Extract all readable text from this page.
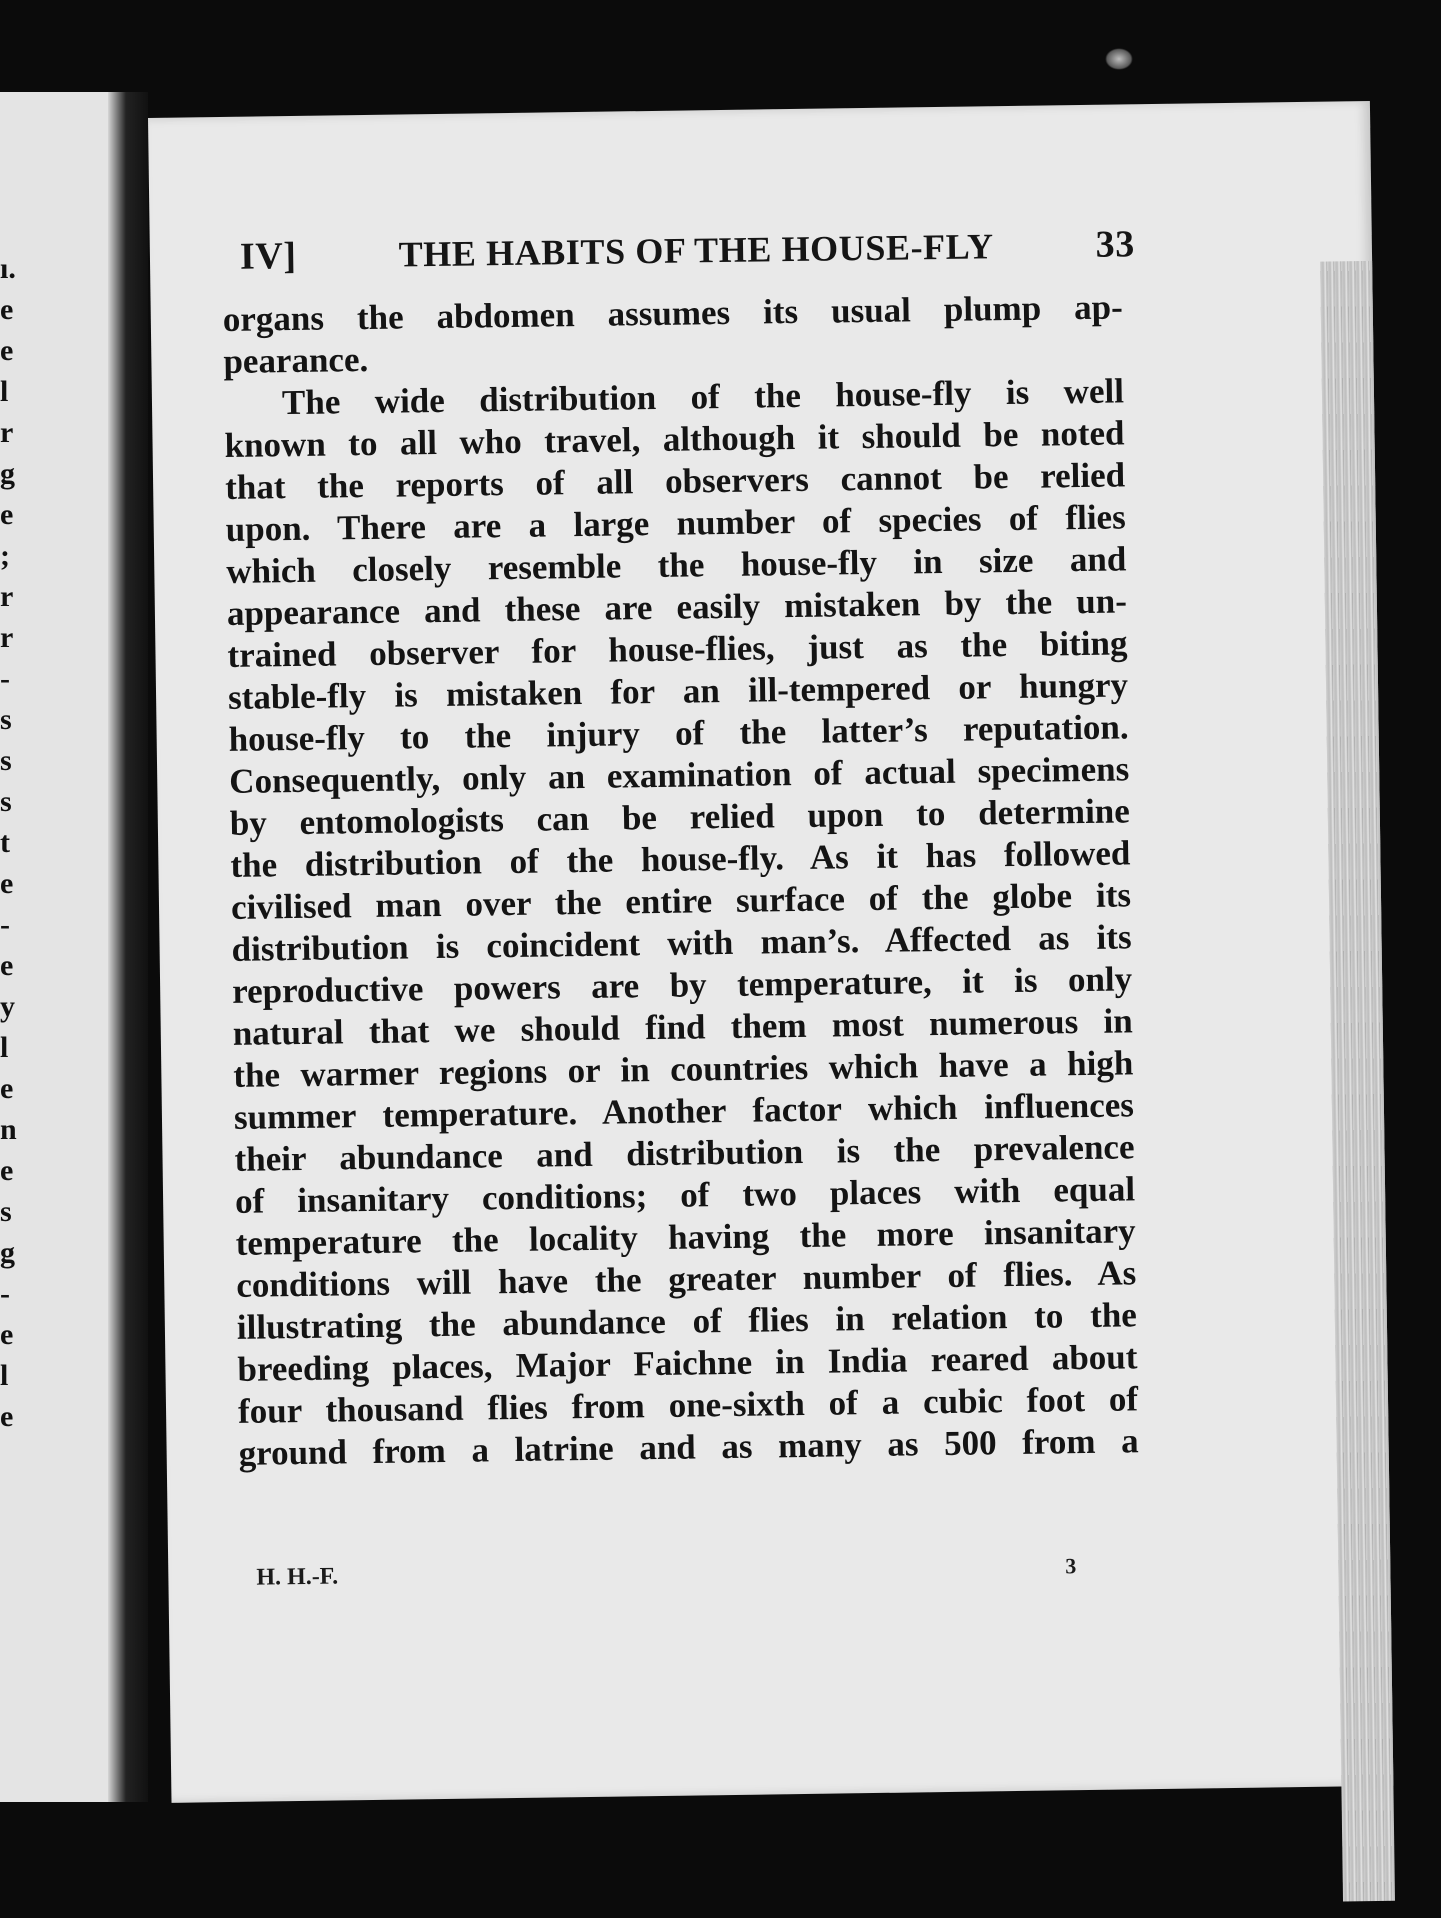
ı.
e
e
l
r
g
e
;
r
r
-
s
s
s
t
e
-
e
y
l
e
n
e
s
g
-
e
l
e
IV]	THE HABITS OF THE HOUSE-FLY	33

organs the abdomen assumes its usual plump ap-

pearance.

The wide distribution of the house-fly is well

known to all who travel, although it should be noted

that the reports of all observers cannot be relied

upon. There are a large number of species of flies

which closely resemble the house-fly in size and

appearance and these are easily mistaken by the un-

trained observer for house-flies, just as the biting

stable-fly is mistaken for an ill-tempered or hungry

house-fly to the injury of the latter’s reputation.

Consequently, only an examination of actual specimens

by entomologists can be relied upon to determine

the distribution of the house-fly. As it has followed

civilised man over the entire surface of the globe its

distribution is coincident with man’s. Affected as its

reproductive powers are by temperature, it is only

natural that we should find them most numerous in

the warmer regions or in countries which have a high

summer temperature. Another factor which influences

their abundance and distribution is the prevalence

of insanitary conditions; of two places with equal

temperature the locality having the more insanitary

conditions will have the greater number of flies. As

illustrating the abundance of flies in relation to the

breeding places, Major Faichne in India reared about

four thousand flies from one-sixth of a cubic foot of

ground from a latrine and as many as 500 from a

H. H.-F.	3
